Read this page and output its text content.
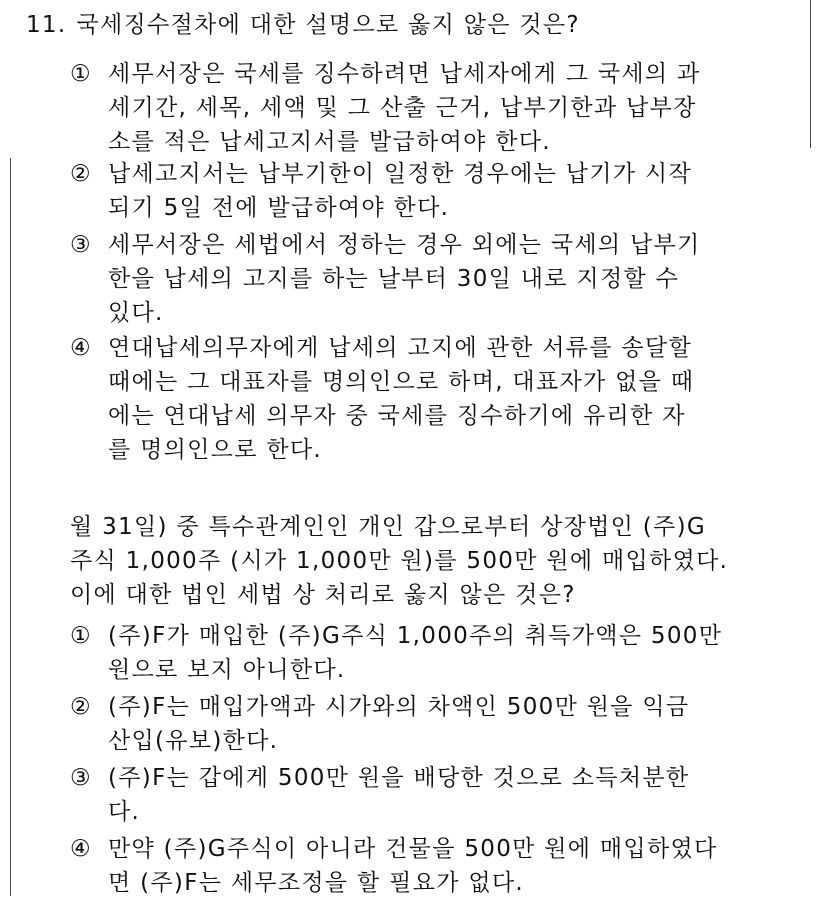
11. 국세징수절차에 대한 설명으로 옳지 않은 것은?
① 세무서장은 국세를 징수하려면 납세자에게 그 국세의 과
세기간, 세목, 세액 및 그 산출 근거, 납부기한과 납부장
소를 적은 납세고지서를 발급하여야 한다.
② 납세고지서는 납부기한이 일정한 경우에는 납기가 시작
되기 5일 전에 발급하여야 한다.
③ 세무서장은 세법에서 정하는 경우 외에는 국세의 납부기
한을 납세의 고지를 하는 날부터 30일 내로 지정할 수
있다.
④ 연대납세의무자에게 납세의 고지에 관한 서류를 송달할
때에는 그 대표자를 명의인으로 하며, 대표자가 없을 때
에는 연대납세 의무자 중 국세를 징수하기에 유리한 자
를 명의인으로 한다.
월 31일) 중 특수관계인인 개인 갑으로부터 상장법인 (주)G
주식 1,000주 (시가 1,000만 원)를 500만 원에 매입하였다.
이에 대한 법인 세법 상 처리로 옳지 않은 것은?
① (주)F가 매입한 (주)G주식 1,000주의 취득가액은 500만
원으로 보지 아니한다.
② (주)F는 매입가액과 시가와의 차액인 500만 원을 익금
산입(유보)한다.
③ (주)F는 갑에게 500만 원을 배당한 것으로 소득처분한
다.
④ 만약 (주)G주식이 아니라 건물을 500만 원에 매입하였다
면 (주)F는 세무조정을 할 필요가 없다.
